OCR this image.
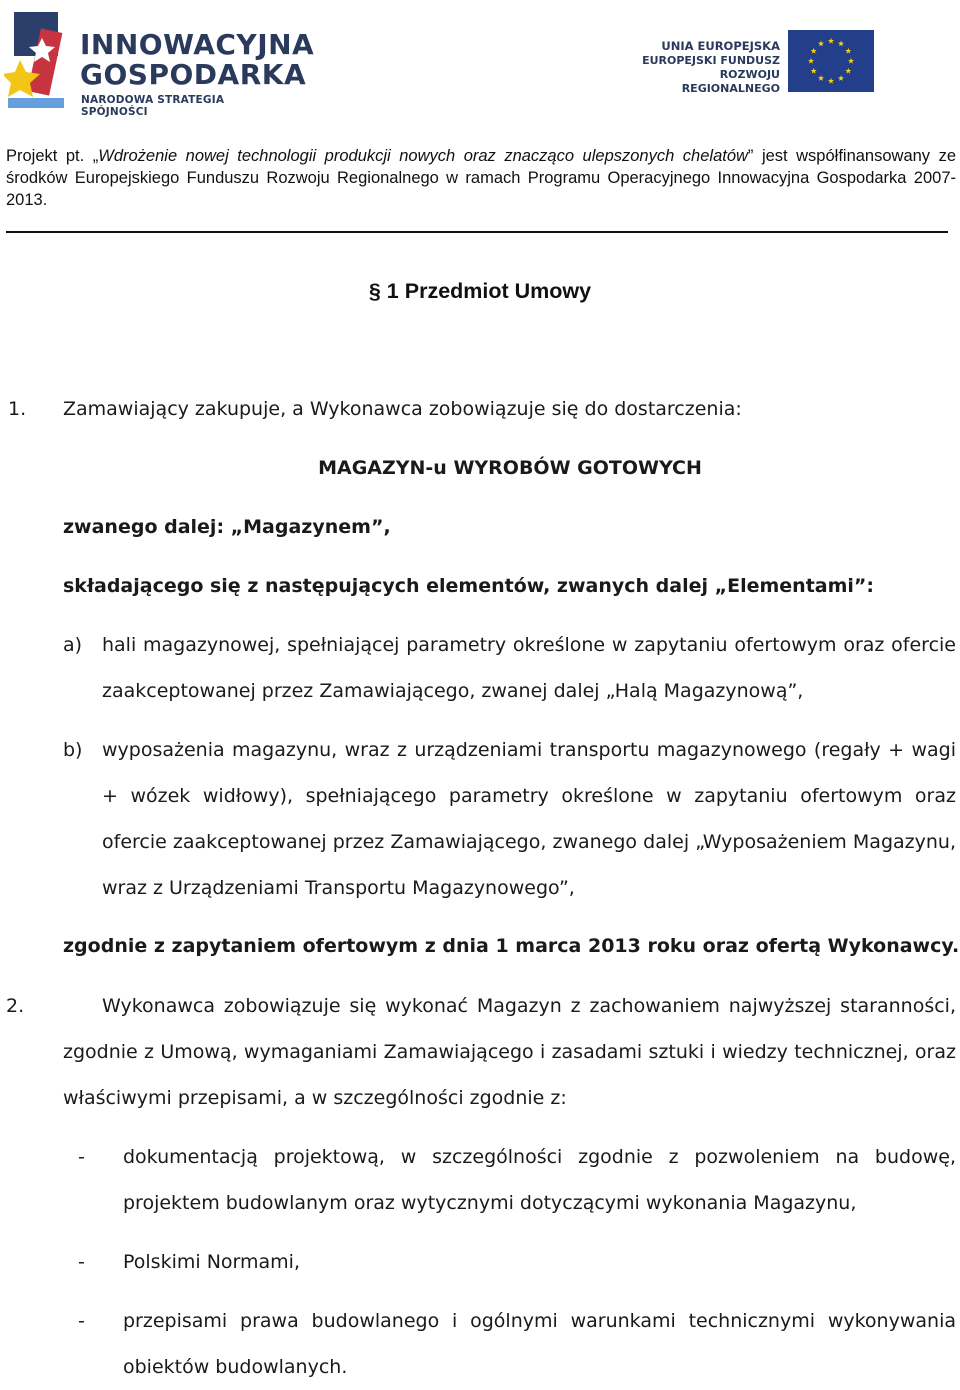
INNOWACYJNA
GOSPODARKA
NARODOWA STRATEGIA SPÓJNOŚCI
UNIA EUROPEJSKA
EUROPEJSKI FUNDUSZ
ROZWOJU REGIONALNEGO
Projekt pt. „Wdrożenie nowej technologii produkcji nowych oraz znacząco ulepszonych chelatów” jest współfinansowany ze środków Europejskiego Funduszu Rozwoju Regionalnego w ramach Programu Operacyjnego Innowacyjna Gospodarka 2007-2013.
§ 1 Przedmiot Umowy
1. Zamawiający zakupuje, a Wykonawca zobowiązuje się do dostarczenia:
MAGAZYN-u WYROBÓW GOTOWYCH
zwanego dalej: „Magazynem”,
składającego się z następujących elementów, zwanych dalej „Elementami”:
a) hali magazynowej, spełniającej parametry określone w zapytaniu ofertowym oraz ofercie zaakceptowanej przez Zamawiającego, zwanej dalej „Halą Magazynową”,
b) wyposażenia magazynu, wraz z urządzeniami transportu magazynowego (regały + wagi + wózek widłowy), spełniającego parametry określone w zapytaniu ofertowym oraz ofercie zaakceptowanej przez Zamawiającego, zwanego dalej „Wyposażeniem Magazynu, wraz z Urządzeniami Transportu Magazynowego”,
zgodnie z zapytaniem ofertowym z dnia 1 marca 2013 roku oraz ofertą Wykonawcy.
2.	Wykonawca zobowiązuje się wykonać Magazyn z zachowaniem najwyższej staranności, zgodnie z Umową, wymaganiami Zamawiającego i zasadami sztuki i wiedzy technicznej, oraz właściwymi przepisami, a w szczególności zgodnie z:
- dokumentacją projektową, w szczególności zgodnie z pozwoleniem na budowę, projektem budowlanym oraz wytycznymi dotyczącymi wykonania Magazynu,
- Polskimi Normami,
- przepisami prawa budowlanego i ogólnymi warunkami technicznymi wykonywania obiektów budowlanych.
